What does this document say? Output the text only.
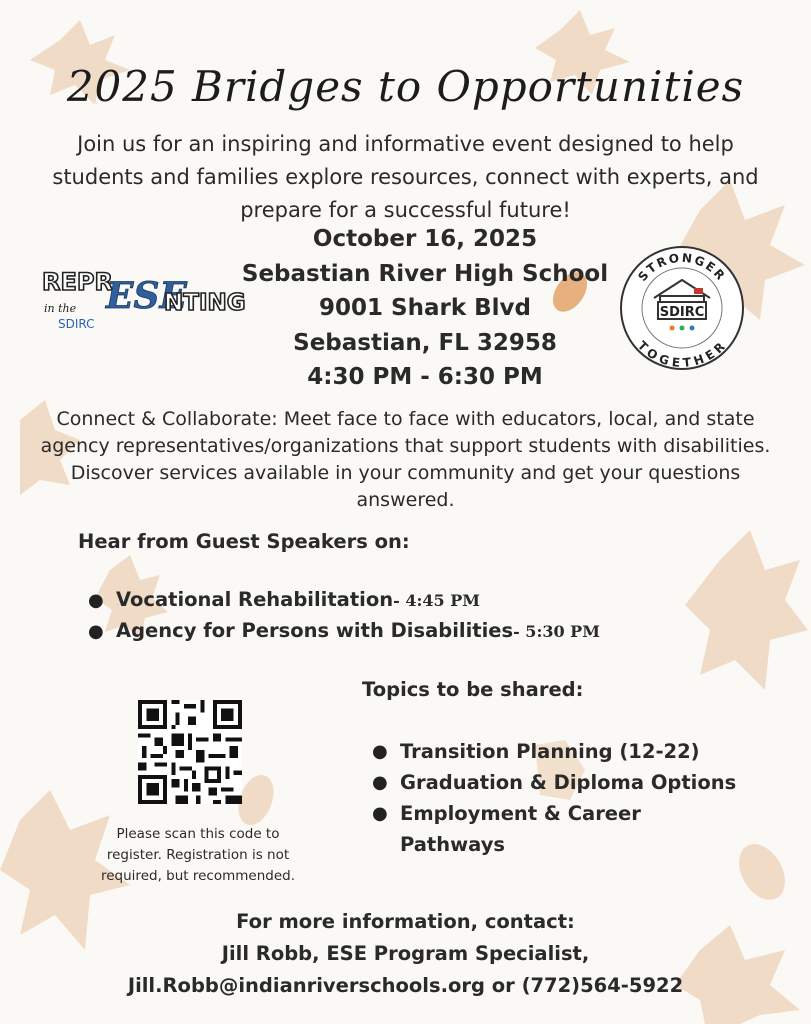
2025 Bridges to Opportunities
Join us for an inspiring and informative event designed to help students and families explore resources, connect with experts, and prepare for a successful future!
October 16, 2025
Sebastian River High School
9001 Shark Blvd
Sebastian, FL 32958
4:30 PM - 6:30 PM
REPR
ESE
NTING
in the
SDIRC
STRONGER
TOGETHER
SDIRC
Connect & Collaborate: Meet face to face with educators, local, and state agency representatives/organizations that support students with disabilities. Discover services available in your community and get your questions answered.
Hear from Guest Speakers on:
● Vocational Rehabilitation - 4:45 PM
● Agency for Persons with Disabilities - 5:30 PM
Please scan this code to register. Registration is not required, but recommended.
Topics to be shared:
● Transition Planning (12-22)
● Graduation & Diploma Options
● Employment & Career Pathways
For more information, contact:
Jill Robb, ESE Program Specialist,
Jill.Robb@indianriverschools.org or (772)564-5922
